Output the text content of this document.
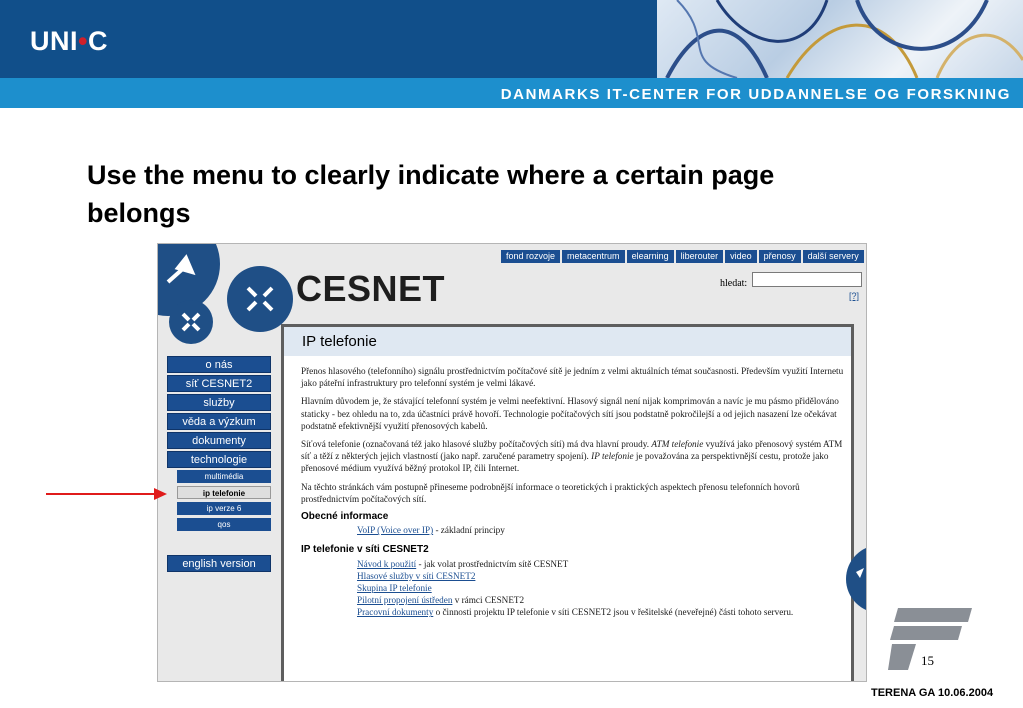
UNI•C
DANMARKS IT-CENTER FOR UDDANNELSE OG FORSKNING
Use the menu to clearly indicate where a certain page
belongs
CESNET
fond rozvoje	metacentrum	elearning	liberouter	video	přenosy	další servery
hledat:
[?]
o nás
síť CESNET2
služby
věda a výzkum
dokumenty
technologie
multimédia
ip telefonie
ip verze 6
qos
english version
IP telefonie

Přenos hlasového (telefonního) signálu prostřednictvím počítačové sítě je jedním z velmi aktuálních témat současnosti. Především využití Internetu jako páteřní infrastruktury pro telefonní systém je velmi lákavé.

Hlavním důvodem je, že stávající telefonní systém je velmi neefektivní. Hlasový signál není nijak komprimován a navíc je mu pásmo přidělováno staticky - bez ohledu na to, zda účastníci právě hovoří. Technologie počítačových sítí jsou podstatně pokročilejší a od jejich nasazení lze očekávat podstatně efektivnější využití přenosových kabelů.

Síťová telefonie (označovaná též jako hlasové služby počítačových sítí) má dva hlavní proudy. ATM telefonie využívá jako přenosový systém ATM síť a těží z některých jejich vlastností (jako např. zaručené parametry spojení). IP telefonie je považována za perspektivnější cestu, protože jako přenosové médium využívá běžný protokol IP, čili Internet.

Na těchto stránkách vám postupně přineseme podrobnější informace o teoretických i praktických aspektech přenosu telefonních hovorů prostřednictvím počítačových sítí.

Obecné informace
VoIP (Voice over IP) - základní principy
IP telefonie v síti CESNET2
Návod k použití - jak volat prostřednictvím sítě CESNET
Hlasové služby v síti CESNET2
Skupina IP telefonie
Pilotní propojení ústředen v rámci CESNET2
Pracovní dokumenty o činnosti projektu IP telefonie v síti CESNET2 jsou v řešitelské (neveřejné) části tohoto serveru.
15
TERENA GA 10.06.2004
